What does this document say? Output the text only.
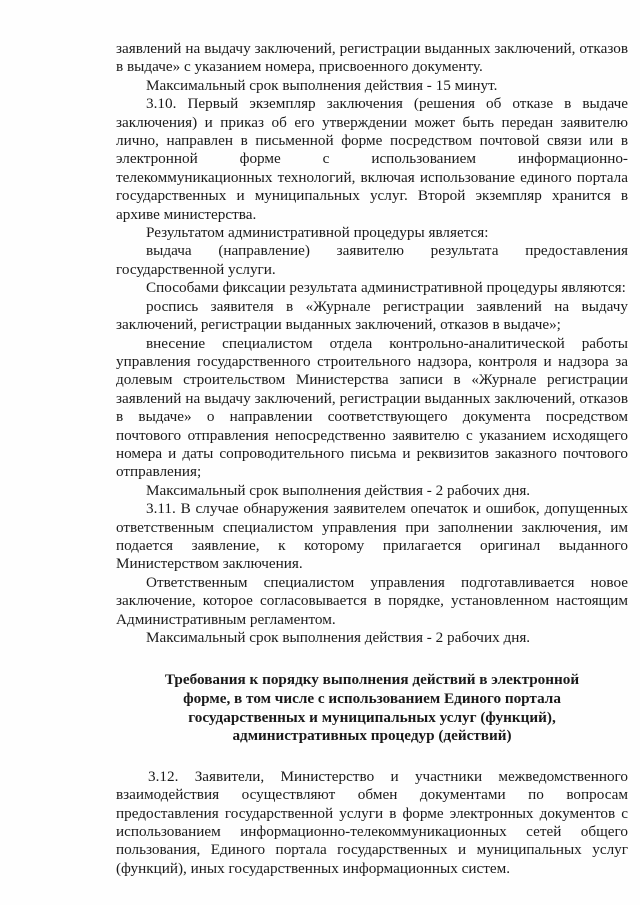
заявлений на выдачу заключений, регистрации выданных заключений, отказов в выдаче» с указанием номера, присвоенного документу.

Максимальный срок выполнения действия - 15 минут.

3.10. Первый экземпляр заключения (решения об отказе в выдаче заключения) и приказ об его утверждении может быть передан заявителю лично, направлен в письменной форме посредством почтовой связи или в электронной форме с использованием информационно-телекоммуникационных технологий, включая использование единого портала государственных и муниципальных услуг. Второй экземпляр хранится в архиве министерства.

Результатом административной процедуры является:

выдача (направление) заявителю результата предоставления государственной услуги.

Способами фиксации результата административной процедуры являются:

роспись заявителя в «Журнале регистрации заявлений на выдачу заключений, регистрации выданных заключений, отказов в выдаче»;

внесение специалистом отдела контрольно-аналитической работы управления государственного строительного надзора, контроля и надзора за долевым строительством Министерства записи в «Журнале регистрации заявлений на выдачу заключений, регистрации выданных заключений, отказов в выдаче» о направлении соответствующего документа посредством почтового отправления непосредственно заявителю с указанием исходящего номера и даты сопроводительного письма и реквизитов заказного почтового отправления;

Максимальный срок выполнения действия - 2 рабочих дня.

3.11. В случае обнаружения заявителем опечаток и ошибок, допущенных ответственным специалистом управления при заполнении заключения, им подается заявление, к которому прилагается оригинал выданного Министерством заключения.

Ответственным специалистом управления подготавливается новое заключение, которое согласовывается в порядке, установленном настоящим Административным регламентом.

Максимальный срок выполнения действия - 2 рабочих дня.

Требования к порядку выполнения действий в электронной
форме, в том числе с использованием Единого портала
государственных и муниципальных услуг (функций),
административных процедур (действий)

3.12. Заявители, Министерство и участники межведомственного взаимодействия осуществляют обмен документами по вопросам предоставления государственной услуги в форме электронных документов с использованием информационно-телекоммуникационных сетей общего пользования, Единого портала государственных и муниципальных услуг (функций), иных государственных информационных систем.
